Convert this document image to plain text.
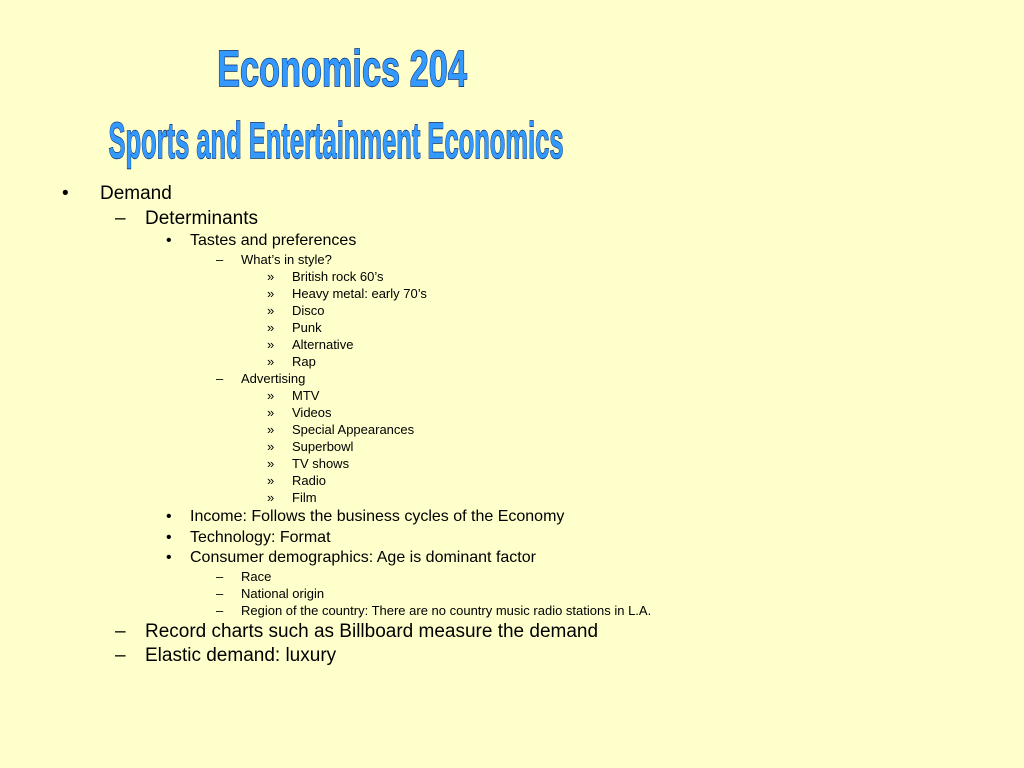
Economics 204
Sports and Entertainment Economics
• Demand
– Determinants
• Tastes and preferences
– What’s in style?
» British rock 60’s
» Heavy metal: early 70’s
» Disco
» Punk
» Alternative
» Rap
– Advertising
» MTV
» Videos
» Special Appearances
» Superbowl
» TV shows
» Radio
» Film
• Income: Follows the business cycles of the Economy
• Technology: Format
• Consumer demographics: Age is dominant factor
– Race
– National origin
– Region of the country: There are no country music radio stations in L.A.
– Record charts such as Billboard measure the demand
– Elastic demand: luxury
